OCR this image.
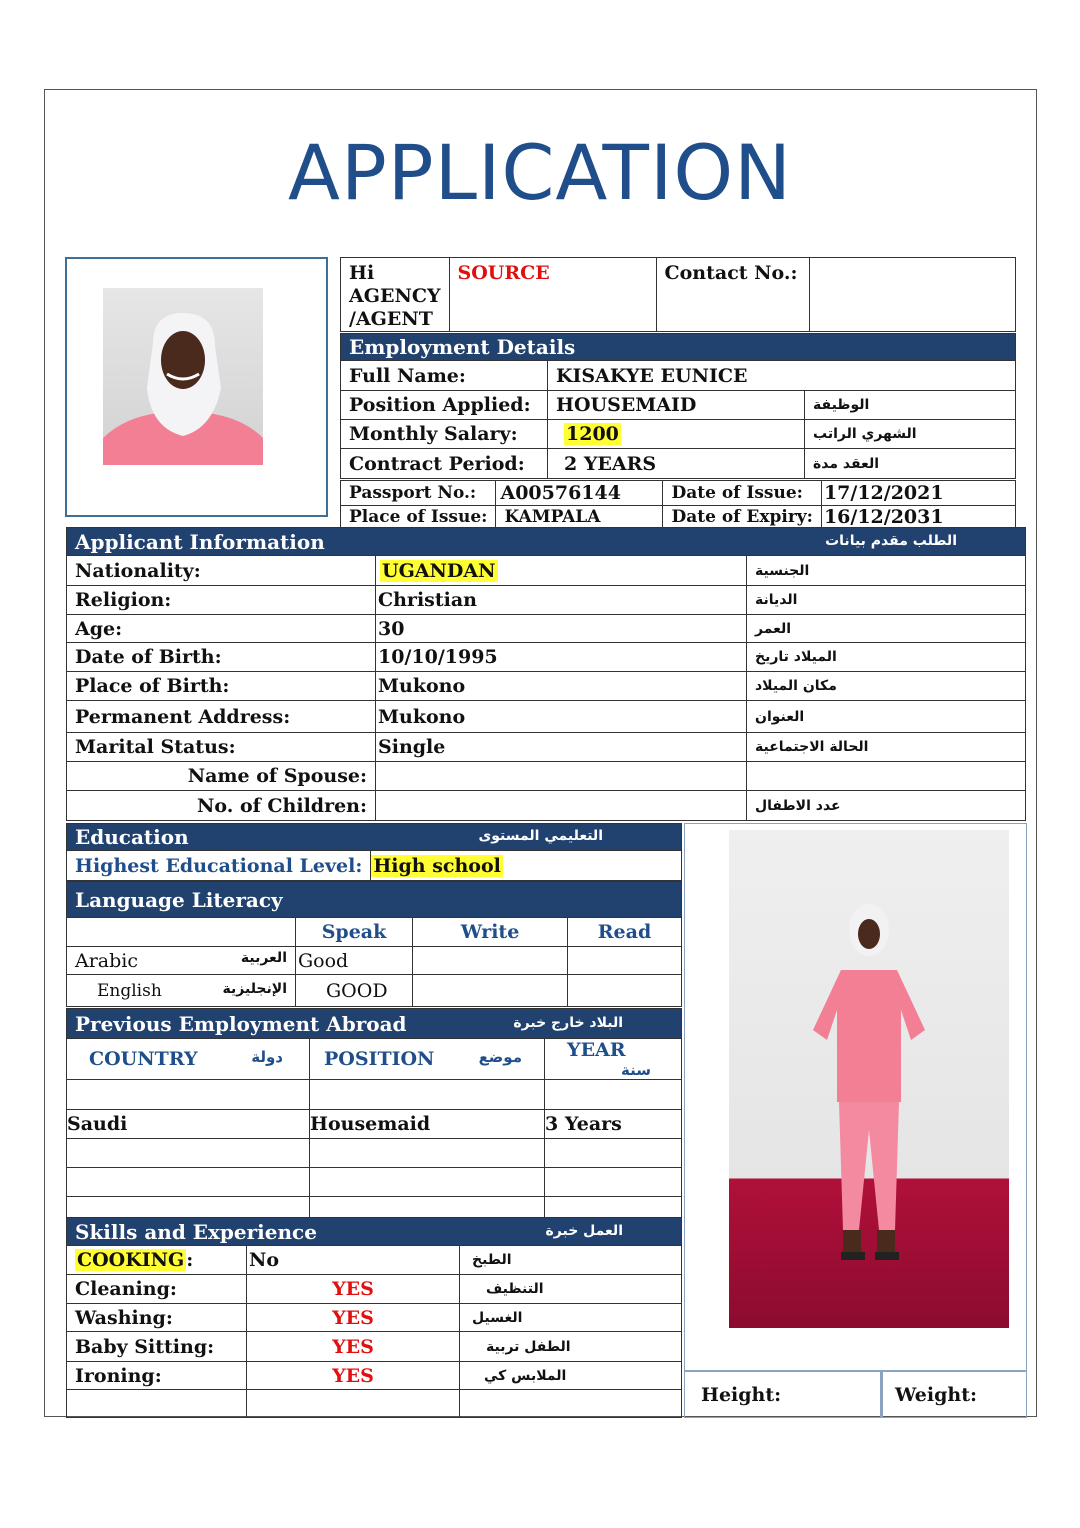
APPLICATION
Hi AGENCY /AGENT	SOURCE	Contact No.:	
Employment Details		
Full Name:	KISAKYE EUNICE	
Position Applied:	HOUSEMAID	الوظيفة
Monthly Salary:	1200	الشهري الراتب
Contract Period:	2 YEARS	العقد مدة
Passport No.:	A00576144	Date of Issue:	17/12/2021
Place of Issue:	KAMPALA	Date of Expiry:	16/12/2031
Applicant Information الطلب مقدم بيانات		

Nationality:	UGANDAN	الجنسية
Religion:	Christian	الديانة
Age:	30	العمر
Date of Birth:	10/10/1995	الميلاد تاريخ
Place of Birth:	Mukono	مكان الميلاد
Permanent Address:	Mukono	العنوان
Marital Status:	Single	الحالة الاجتماعية
Name of Spouse:		
No. of Children:		عدد الاطفال
Education	التعليمي المستوى

Highest Educational Level:	High school
Language Literacy			
	Speak	Write	Read
Arabic العربية	Good		
English الإنجليزية	GOOD		
Previous Employment Abroad البلاد خارج خبرة		

COUNTRY دولة	POSITION موضع	YEAR
سنة

Saudi	Housemaid	3 Years

Skills and Experience العمل خبرة		

COOKING :	No	الطبخ
Cleaning:	YES	التنظيف
Washing:	YES	الغسيل
Baby Sitting:	YES	الطفل تربية
Ironing:	YES	الملابس كي

Height:	Weight:
